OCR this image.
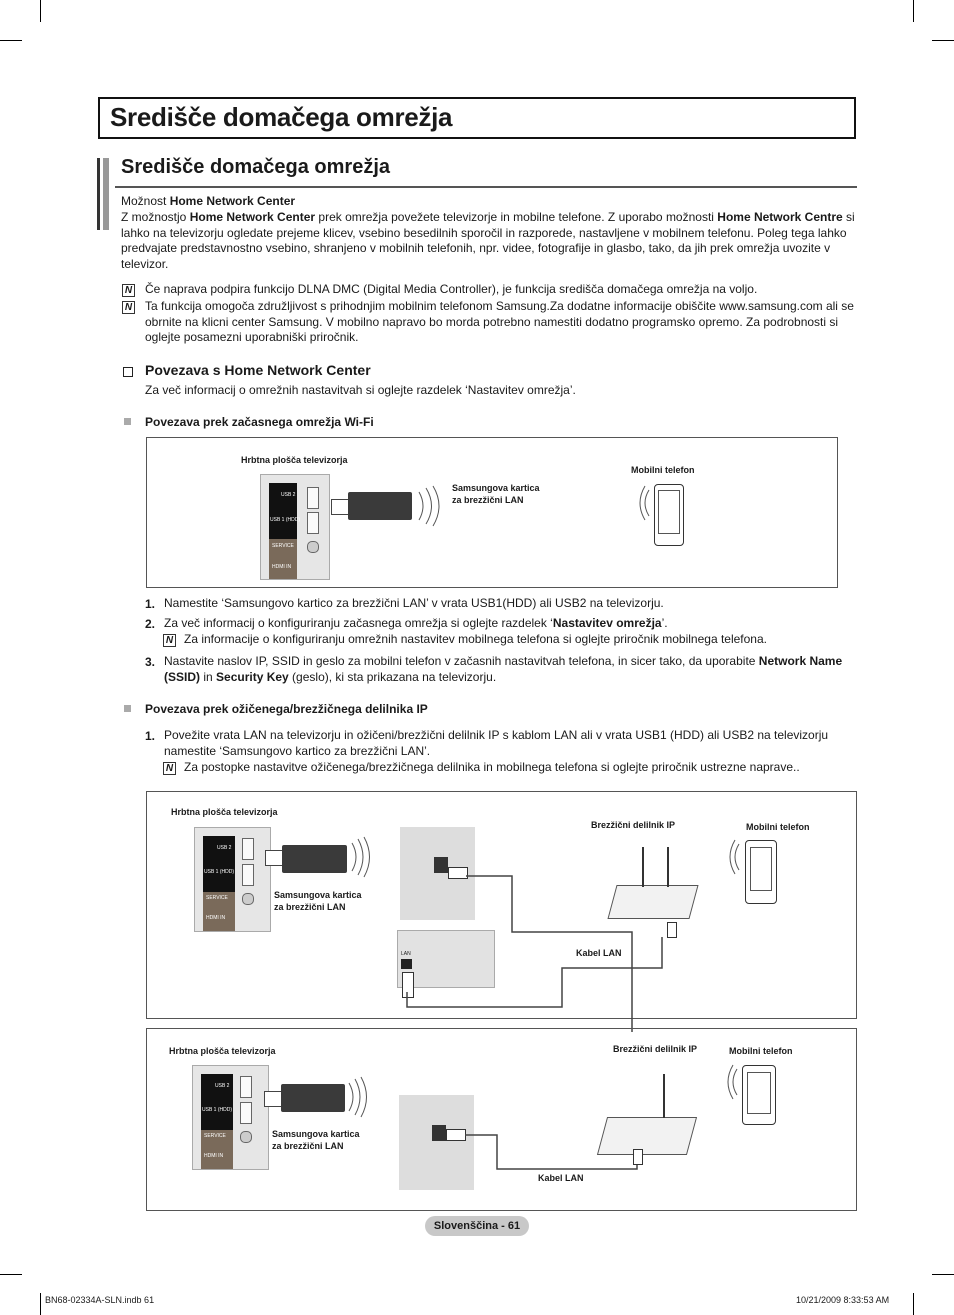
Središče domačega omrežja
Središče domačega omrežja
Možnost Home Network Center
Z možnostjo Home Network Center prek omrežja povežete televizorje in mobilne telefone. Z uporabo možnosti Home Network Centre si lahko na televizorju ogledate prejeme klicev, vsebino besedilnih sporočil in razporede, nastavljene v mobilnem telefonu. Poleg tega lahko predvajate predstavnostno vsebino, shranjeno v mobilnih telefonih, npr. videe, fotografije in glasbo, tako, da jih prek omrežja uvozite v televizor.
N Če naprava podpira funkcijo DLNA DMC (Digital Media Controller), je funkcija središča domačega omrežja na voljo.
N Ta funkcija omogoča združljivost s prihodnjim mobilnim telefonom Samsung.Za dodatne informacije obiščite www.samsung.com ali se obrnite na klicni center Samsung. V mobilno napravo bo morda potrebno namestiti dodatno programsko opremo. Za podrobnosti si oglejte posamezni uporabniški priročnik.
Povezava s Home Network Center
Za več informacij o omrežnih nastavitvah si oglejte razdelek ‘Nastavitev omrežja’.
Povezava prek začasnega omrežja Wi-Fi
Hrbtna plošča televizorja
Samsungova kartica
za brezžični LAN
Mobilni telefon
USB 2
USB 1 (HDD)
SERVICE
HDMI IN
1. Namestite ‘Samsungovo kartico za brezžični LAN’ v vrata USB1(HDD) ali USB2 na televizorju.
2. Za več informacij o konfiguriranju začasnega omrežja si oglejte razdelek ‘Nastavitev omrežja’.
N Za informacije o konfiguriranju omrežnih nastavitev mobilnega telefona si oglejte priročnik mobilnega telefona.
3. Nastavite naslov IP, SSID in geslo za mobilni telefon v začasnih nastavitvah telefona, in sicer tako, da uporabite Network Name (SSID) in Security Key (geslo), ki sta prikazana na televizorju.
Povezava prek ožičenega/brezžičnega delilnika IP
1. Povežite vrata LAN na televizorju in ožičeni/brezžični delilnik IP s kablom LAN ali v vrata USB1 (HDD) ali USB2 na televizorju namestite ‘Samsungovo kartico za brezžični LAN’.
N Za postopke nastavitve ožičenega/brezžičnega delilnika in mobilnega telefona si oglejte priročnik ustrezne naprave..
Hrbtna plošča televizorja
Samsungova kartica
za brezžični LAN
Brezžični delilnik IP	Mobilni telefon
Kabel LAN
USB 2
USB 1 (HDD)
SERVICE
HDMI IN
LAN
Hrbtna plošča televizorja
Samsungova kartica
za brezžični LAN
Brezžični delilnik IP	Mobilni telefon
Kabel LAN
USB 2
USB 1 (HDD)
SERVICE
HDMI IN
Slovenščina - 61
BN68-02334A-SLN.indb 61	10/21/2009 8:33:53 AM
